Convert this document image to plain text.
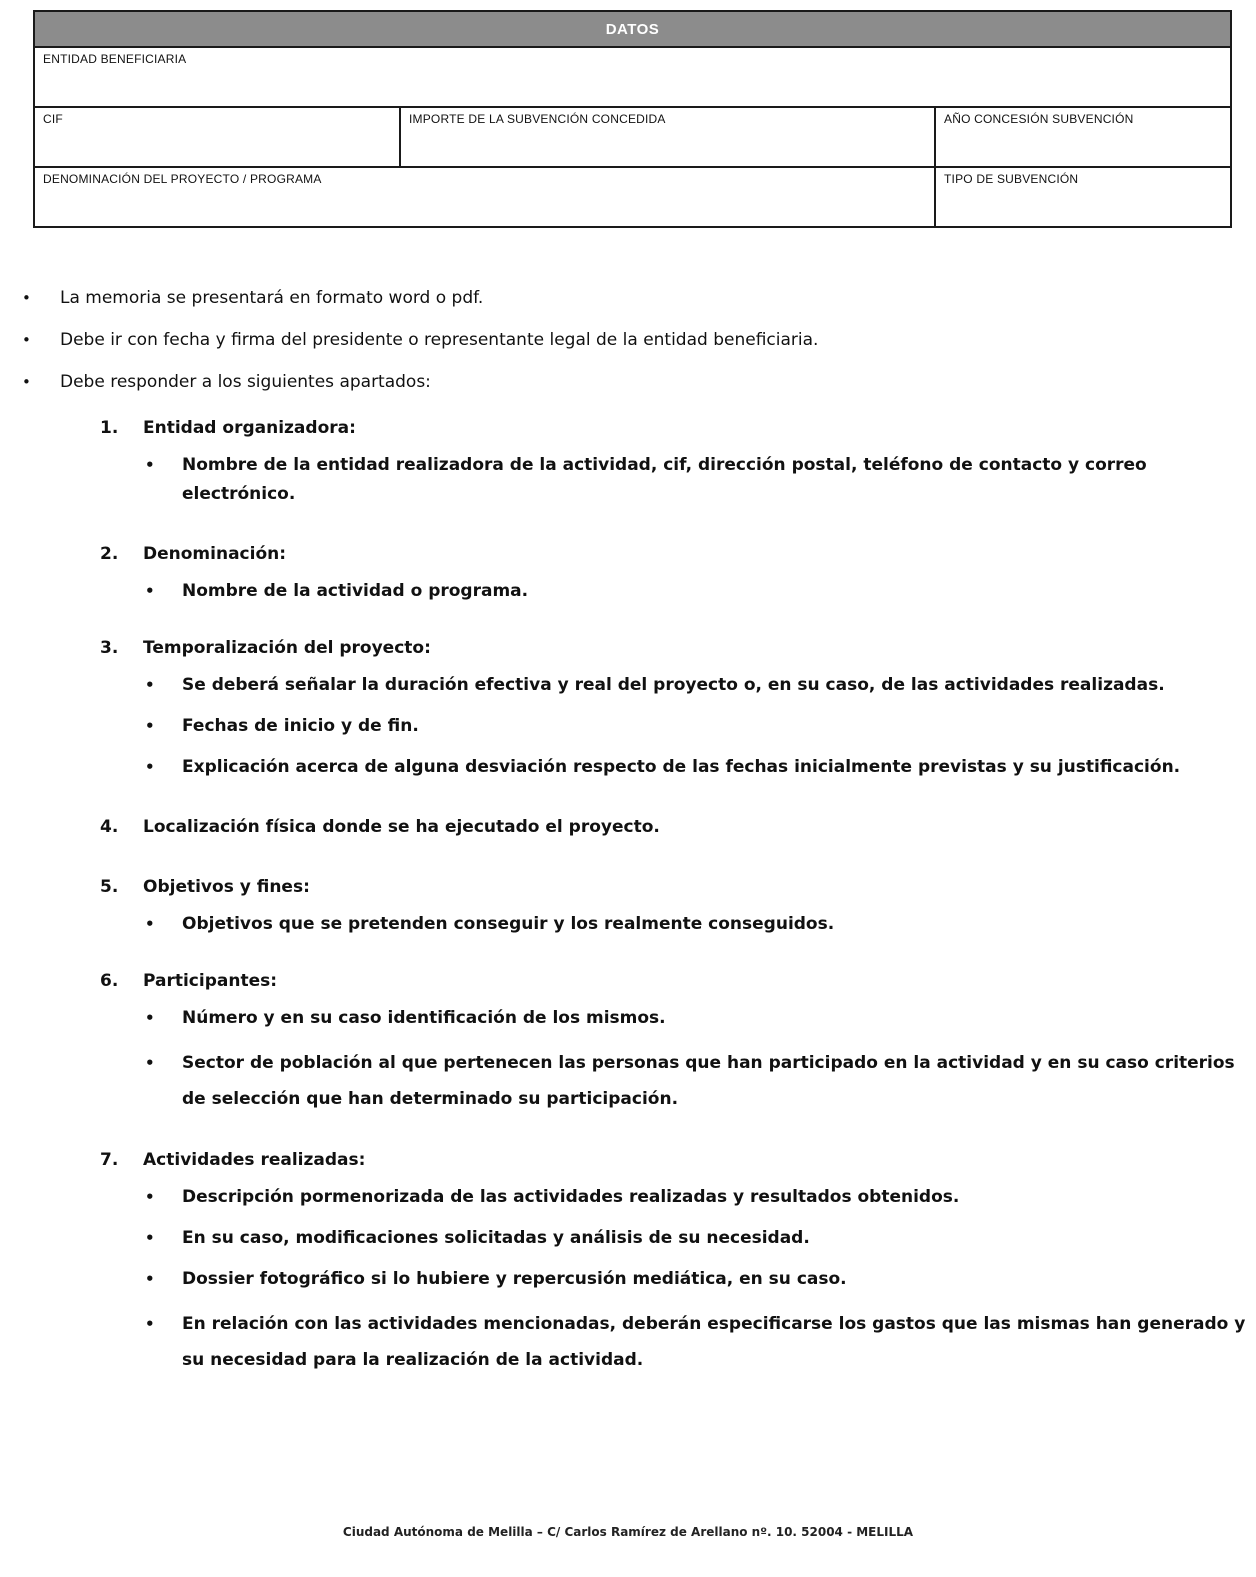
DATOS
ENTIDAD BENEFICIARIA
CIF	IMPORTE DE LA SUBVENCIÓN CONCEDIDA	AÑO CONCESIÓN SUBVENCIÓN
DENOMINACIÓN DEL PROYECTO / PROGRAMA	TIPO DE SUBVENCIÓN
• La memoria se presentará en formato word o pdf.
• Debe ir con fecha y firma del presidente o representante legal de la entidad beneficiaria.
• Debe responder a los siguientes apartados:
1. Entidad organizadora:
• Nombre de la entidad realizadora de la actividad, cif, dirección postal, teléfono de contacto y correo electrónico.
2. Denominación:
• Nombre de la actividad o programa.
3. Temporalización del proyecto:
• Se deberá señalar la duración efectiva y real del proyecto o, en su caso, de las actividades realizadas.
• Fechas de inicio y de fin.
• Explicación acerca de alguna desviación respecto de las fechas inicialmente previstas y su justificación.
4. Localización física donde se ha ejecutado el proyecto.
5. Objetivos y fines:
• Objetivos que se pretenden conseguir y los realmente conseguidos.
6. Participantes:
• Número y en su caso identificación de los mismos.
• Sector de población al que pertenecen las personas que han participado en la actividad y en su caso criterios de selección que han determinado su participación.
7. Actividades realizadas:
• Descripción pormenorizada de las actividades realizadas y resultados obtenidos.
• En su caso, modificaciones solicitadas y análisis de su necesidad.
• Dossier fotográfico si lo hubiere y repercusión mediática, en su caso.
• En relación con las actividades mencionadas, deberán especificarse los gastos que las mismas han generado y su necesidad para la realización de la actividad.
Ciudad Autónoma de Melilla – C/ Carlos Ramírez de Arellano nº. 10. 52004 - MELILLA
